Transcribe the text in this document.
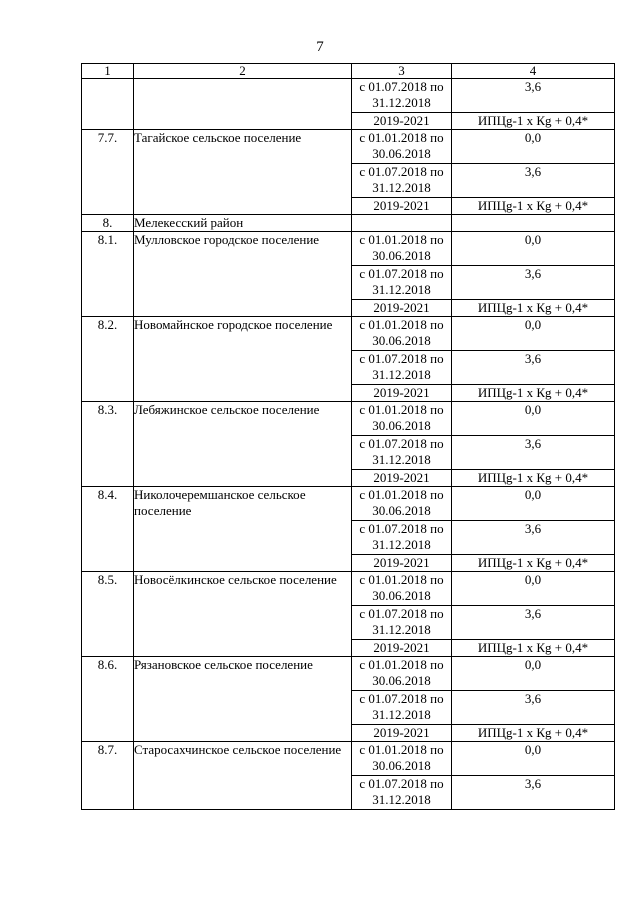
7
1	2	3	4
		с 01.07.2018 по 31.12.2018	3,6
		2019-2021	ИПЦg-1 х Кg + 0,4*
7.7.	Тагайское сельское поселение	с 01.01.2018 по 30.06.2018	0,0
		с 01.07.2018 по 31.12.2018	3,6
		2019-2021	ИПЦg-1 х Кg + 0,4*
8.	Мелекесский район		
8.1.	Мулловское городское поселение	с 01.01.2018 по 30.06.2018	0,0
		с 01.07.2018 по 31.12.2018	3,6
		2019-2021	ИПЦg-1 х Кg + 0,4*
8.2.	Новомайнское городское поселение	с 01.01.2018 по 30.06.2018	0,0
		с 01.07.2018 по 31.12.2018	3,6
		2019-2021	ИПЦg-1 х Кg + 0,4*
8.3.	Лебяжинское сельское поселение	с 01.01.2018 по 30.06.2018	0,0
		с 01.07.2018 по 31.12.2018	3,6
		2019-2021	ИПЦg-1 х Кg + 0,4*
8.4.	Николочеремшанское сельское поселение	с 01.01.2018 по 30.06.2018	0,0
		с 01.07.2018 по 31.12.2018	3,6
		2019-2021	ИПЦg-1 х Кg + 0,4*
8.5.	Новосёлкинское сельское поселение	с 01.01.2018 по 30.06.2018	0,0
		с 01.07.2018 по 31.12.2018	3,6
		2019-2021	ИПЦg-1 х Кg + 0,4*
8.6.	Рязановское сельское поселение	с 01.01.2018 по 30.06.2018	0,0
		с 01.07.2018 по 31.12.2018	3,6
		2019-2021	ИПЦg-1 х Кg + 0,4*
8.7.	Старосахчинское сельское поселение	с 01.01.2018 по 30.06.2018	0,0
		с 01.07.2018 по 31.12.2018	3,6
